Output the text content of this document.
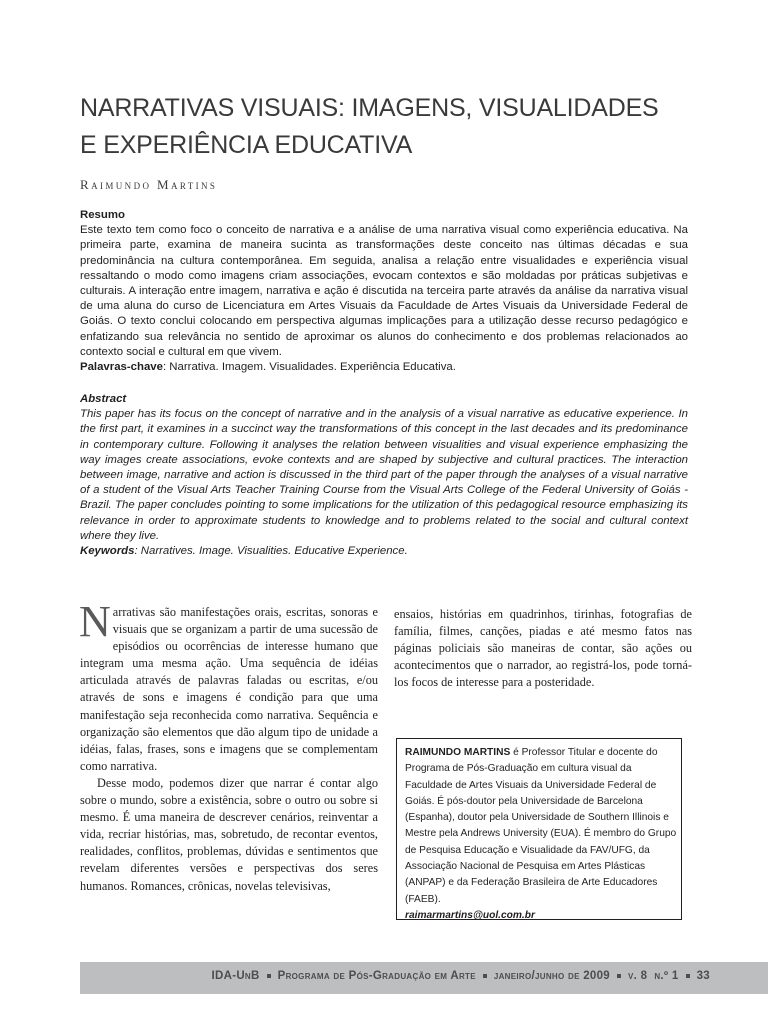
NARRATIVAS VISUAIS: IMAGENS, VISUALIDADES
E EXPERIÊNCIA EDUCATIVA
Raimundo Martins
Resumo
Este texto tem como foco o conceito de narrativa e a análise de uma narrativa visual como experiência educativa. Na primeira parte, examina de maneira sucinta as transformações deste conceito nas últimas décadas e sua predominância na cultura contemporânea. Em seguida, analisa a relação entre visualidades e experiência visual ressaltando o modo como imagens criam associações, evocam contextos e são moldadas por práticas subjetivas e culturais. A interação entre imagem, narrativa e ação é discutida na terceira parte através da análise da narrativa visual de uma aluna do curso de Licenciatura em Artes Visuais da Faculdade de Artes Visuais da Universidade Federal de Goiás. O texto conclui colocando em perspectiva algumas implicações para a utilização desse recurso pedagógico e enfatizando sua relevância no sentido de aproximar os alunos do conhecimento e dos problemas relacionados ao contexto social e cultural em que vivem.
Palavras-chave: Narrativa. Imagem. Visualidades. Experiência Educativa.
Abstract
This paper has its focus on the concept of narrative and in the analysis of a visual narrative as educative experience. In the first part, it examines in a succinct way the transformations of this concept in the last decades and its predominance in contemporary culture. Following it analyses the relation between visualities and visual experience emphasizing the way images create associations, evoke contexts and are shaped by subjective and cultural practices. The interaction between image, narrative and action is discussed in the third part of the paper through the analyses of a visual narrative of a student of the Visual Arts Teacher Training Course from the Visual Arts College of the Federal University of Goiás - Brazil. The paper concludes pointing to some implications for the utilization of this pedagogical resource emphasizing its relevance in order to approximate students to knowledge and to problems related to the social and cultural context where they live.
Keywords: Narratives. Image. Visualities. Educative Experience.

Narrativas são manifestações orais, escritas, sonoras e visuais que se organizam a partir de uma sucessão de episódios ou ocorrências de interesse humano que integram uma mesma ação. Uma sequência de idéias articulada através de palavras faladas ou escritas, e/ou através de sons e imagens é condição para que uma manifestação seja reconhecida como narrativa. Sequência e organização são elementos que dão algum tipo de unidade a idéias, falas, frases, sons e imagens que se complementam como narrativa.

Desse modo, podemos dizer que narrar é contar algo sobre o mundo, sobre a existência, sobre o outro ou sobre si mesmo. É uma maneira de descrever cenários, reinventar a vida, recriar histórias, mas, sobretudo, de recontar eventos, realidades, conflitos, problemas, dúvidas e sentimentos que revelam diferentes versões e perspectivas dos seres humanos. Romances, crônicas, novelas televisivas,

ensaios, histórias em quadrinhos, tirinhas, fotografias de família, filmes, canções, piadas e até mesmo fatos nas páginas policiais são maneiras de contar, são ações ou acontecimentos que o narrador, ao registrá-los, pode torná-los focos de interesse para a posteridade.

RAIMUNDO MARTINS é Professor Titular e docente do Programa de Pós-Graduação em cultura visual da Faculdade de Artes Visuais da Universidade Federal de Goiás. É pós-doutor pela Universidade de Barcelona (Espanha), doutor pela Universidade de Southern Illinois e Mestre pela Andrews University (EUA). É membro do Grupo de Pesquisa Educação e Visualidade da FAV/UFG, da Associação Nacional de Pesquisa em Artes Plásticas (ANPAP) e da Federação Brasileira de Arte Educadores (FAEB).
raimarmartins@uol.com.br
IDA-UnB Programa de Pós-Graduação em Arte janeiro/junho de 2009 v. 8 n.º 1 33
